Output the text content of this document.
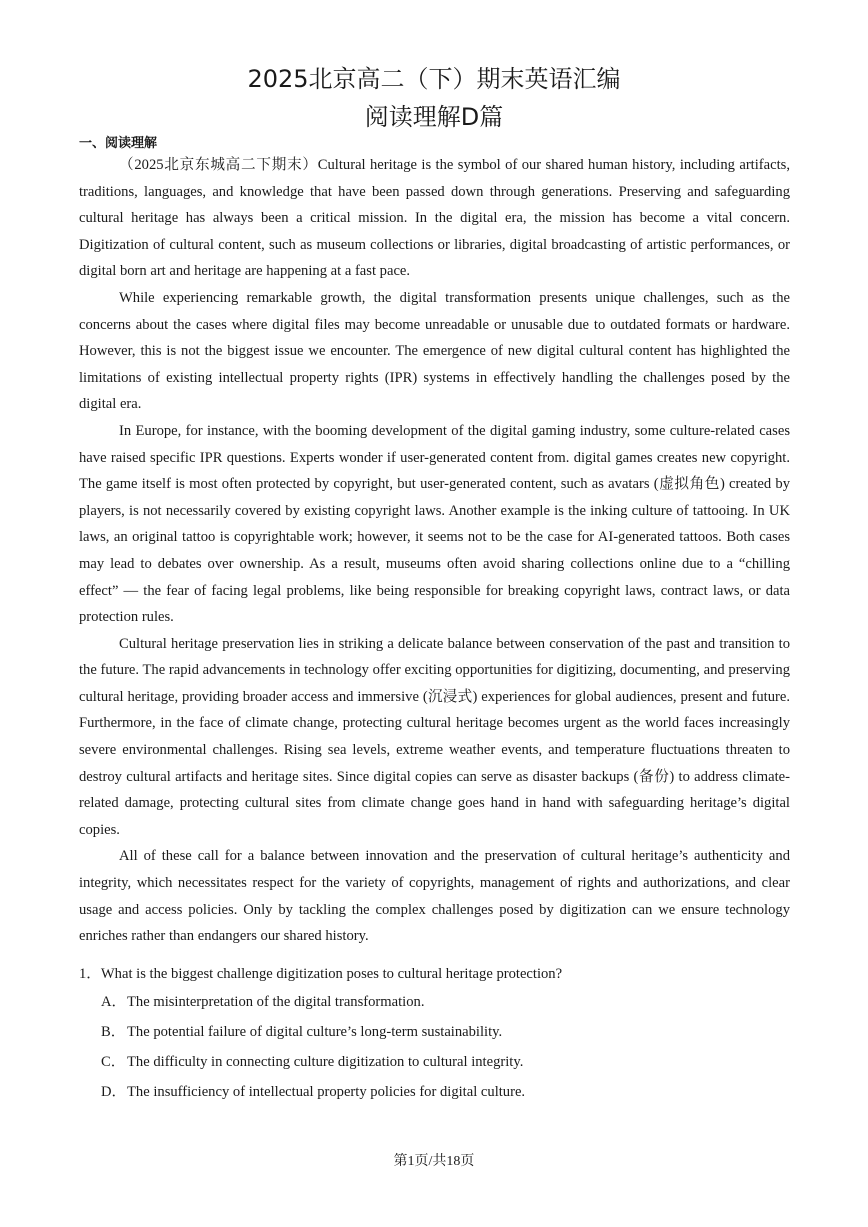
2025北京高二（下）期末英语汇编
阅读理解D篇
一、阅读理解

（2025北京东城高二下期末）Cultural heritage is the symbol of our shared human history, including artifacts, traditions, languages, and knowledge that have been passed down through generations. Preserving and safeguarding cultural heritage has always been a critical mission. In the digital era, the mission has become a vital concern. Digitization of cultural content, such as museum collections or libraries, digital broadcasting of artistic performances, or digital born art and heritage are happening at a fast pace.

While experiencing remarkable growth, the digital transformation presents unique challenges, such as the concerns about the cases where digital files may become unreadable or unusable due to outdated formats or hardware. However, this is not the biggest issue we encounter. The emergence of new digital cultural content has highlighted the limitations of existing intellectual property rights (IPR) systems in effectively handling the challenges posed by the digital era.

In Europe, for instance, with the booming development of the digital gaming industry, some culture-related cases have raised specific IPR questions. Experts wonder if user-generated content from. digital games creates new copyright. The game itself is most often protected by copyright, but user-generated content, such as avatars (虚拟角色) created by players, is not necessarily covered by existing copyright laws. Another example is the inking culture of tattooing. In UK laws, an original tattoo is copyrightable work; however, it seems not to be the case for AI-generated tattoos. Both cases may lead to debates over ownership. As a result, museums often avoid sharing collections online due to a “chilling effect” — the fear of facing legal problems, like being responsible for breaking copyright laws, contract laws, or data protection rules.

Cultural heritage preservation lies in striking a delicate balance between conservation of the past and transition to the future. The rapid advancements in technology offer exciting opportunities for digitizing, documenting, and preserving cultural heritage, providing broader access and immersive (沉浸式) experiences for global audiences, present and future. Furthermore, in the face of climate change, protecting cultural heritage becomes urgent as the world faces increasingly severe environmental challenges. Rising sea levels, extreme weather events, and temperature fluctuations threaten to destroy cultural artifacts and heritage sites. Since digital copies can serve as disaster backups (备份) to address climate-related damage, protecting cultural sites from climate change goes hand in hand with safeguarding heritage’s digital copies.

All of these call for a balance between innovation and the preservation of cultural heritage’s authenticity and integrity, which necessitates respect for the variety of copyrights, management of rights and authorizations, and clear usage and access policies. Only by tackling the complex challenges posed by digitization can we ensure technology enriches rather than endangers our shared history.

1．What is the biggest challenge digitization poses to cultural heritage protection?

A．The misinterpretation of the digital transformation.

B． The potential failure of digital culture’s long-term sustainability.

C． The difficulty in connecting culture digitization to cultural integrity.

D．The insufficiency of intellectual property policies for digital culture.

第1页/共18页
